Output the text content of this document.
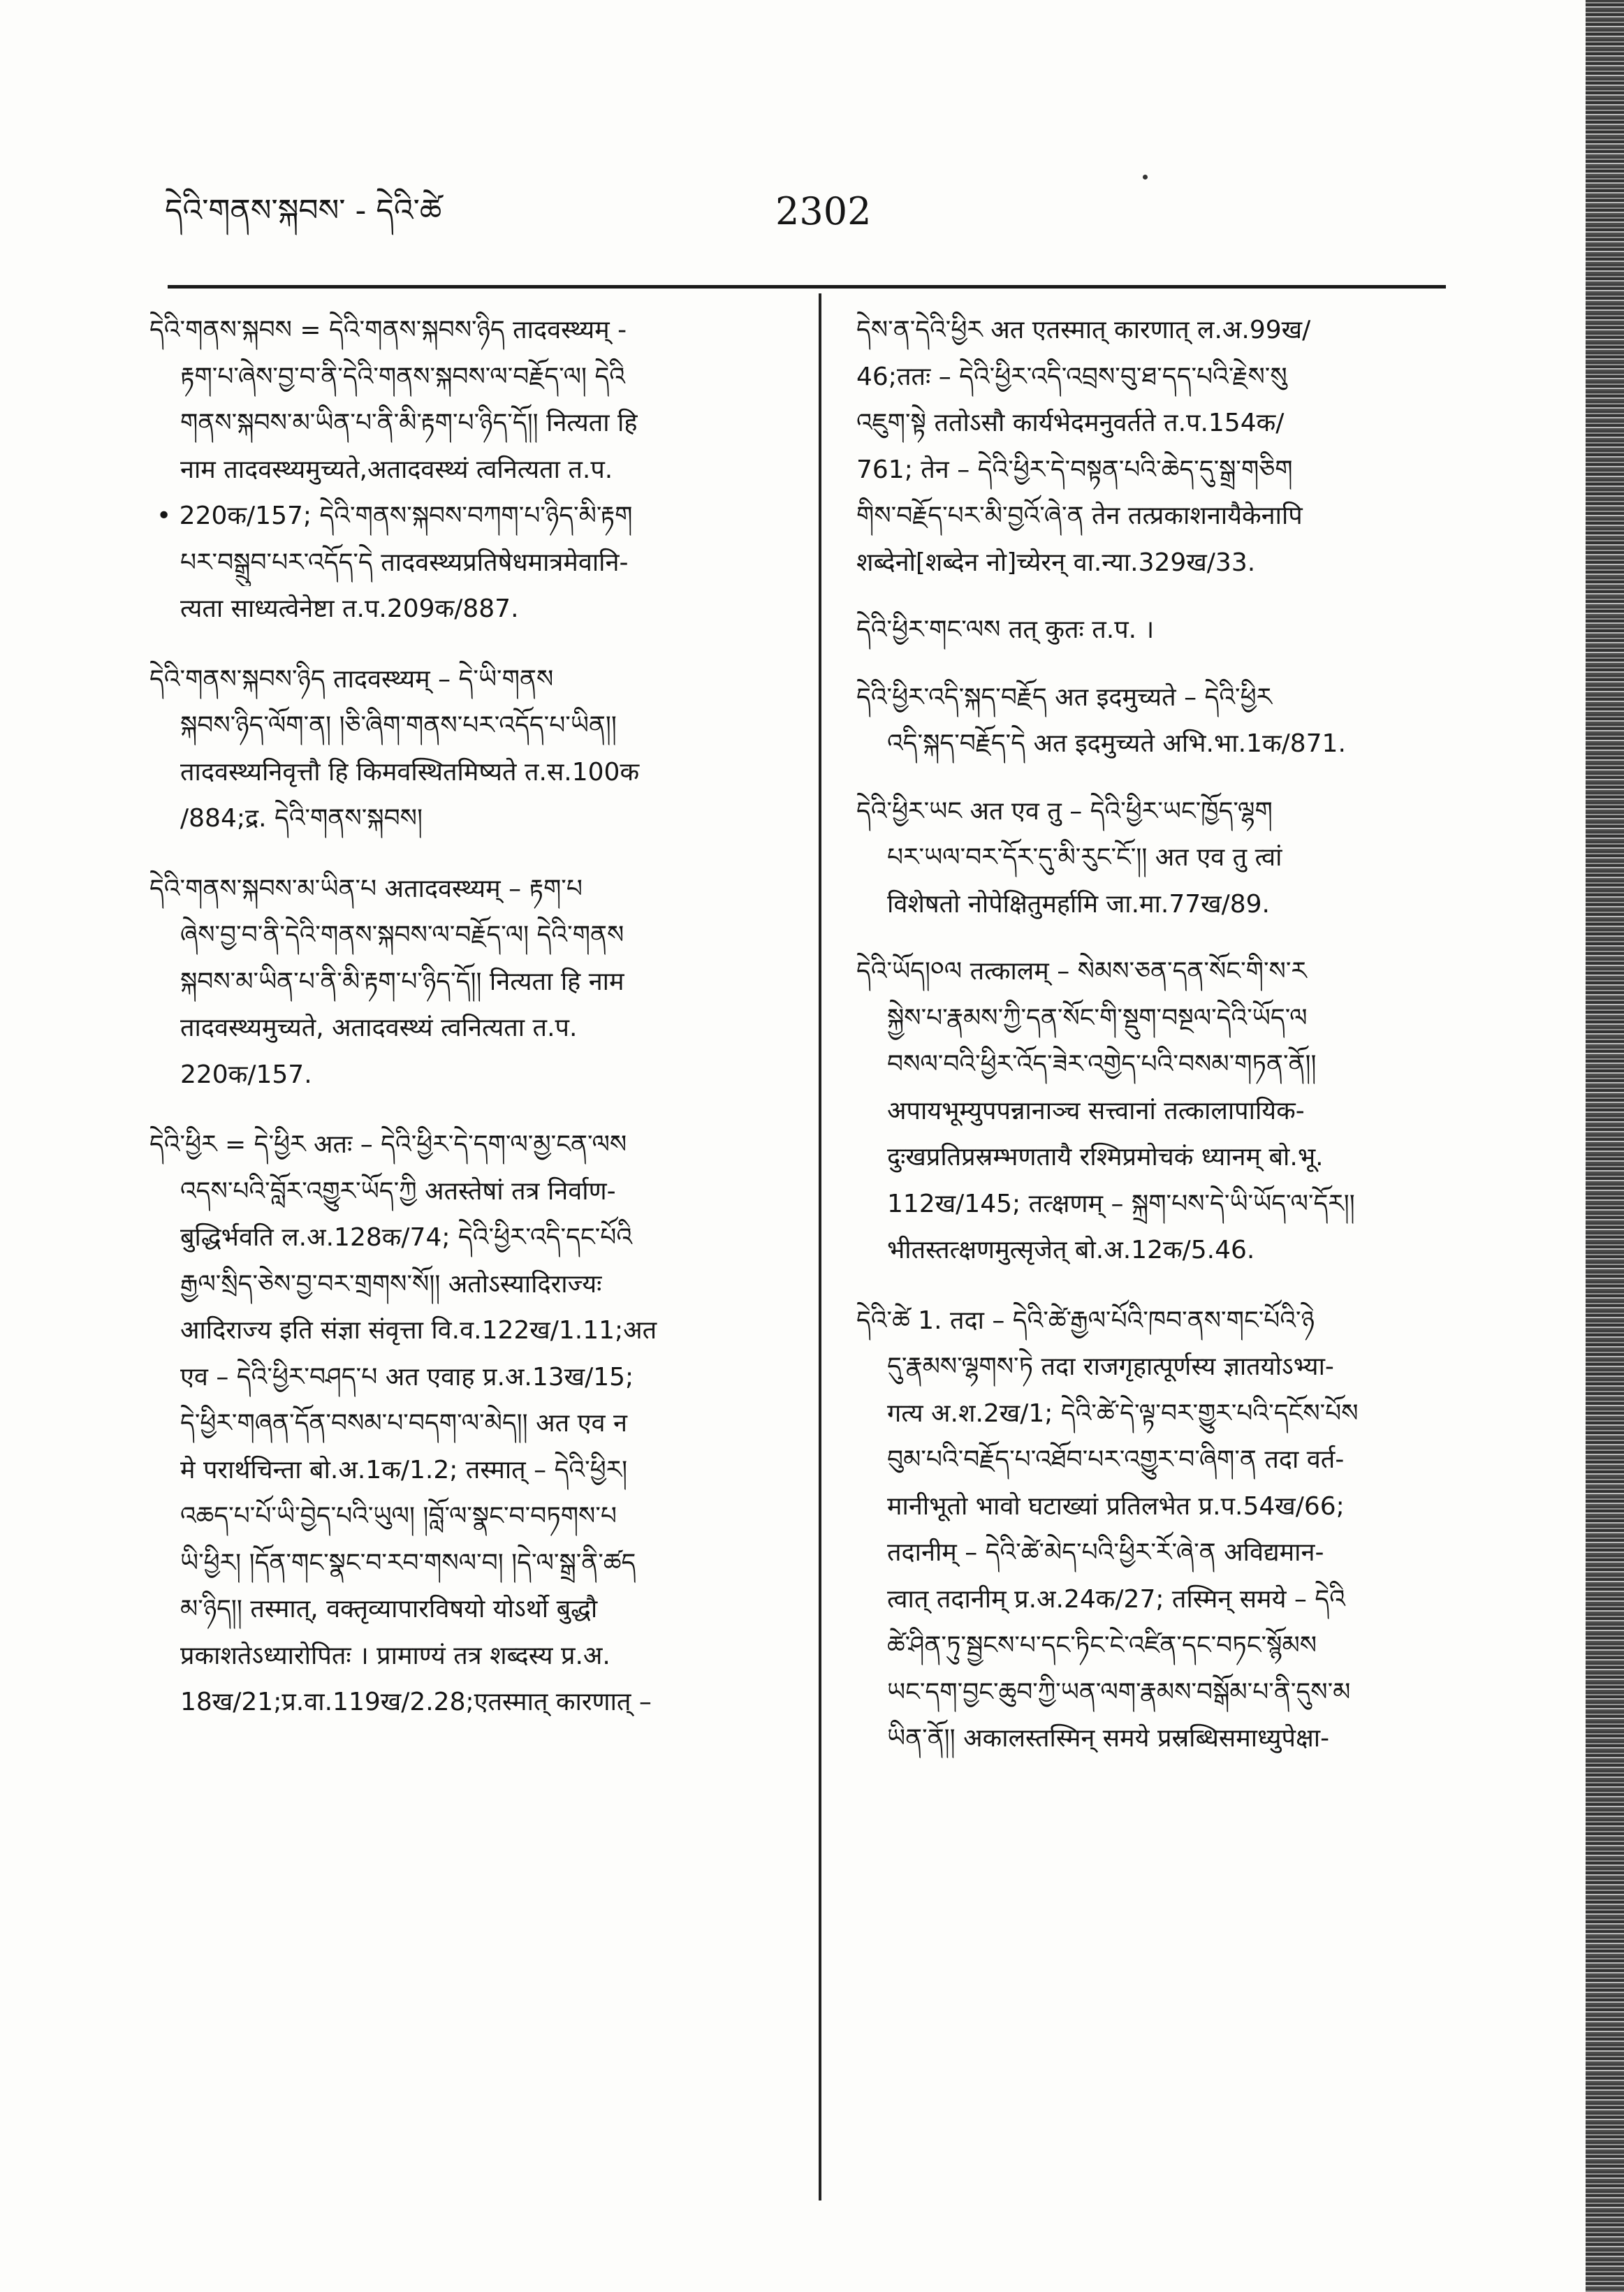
དེའི་གནས་སྐབས་ - དེའི་ཚེ	2302
དེའི་གནས་སྐབས = དེའི་གནས་སྐབས་ཉིད तादवस्थ्यम् -
རྟག་པ་ཞེས་བྱ་བ་ནི་དེའི་གནས་སྐབས་ལ་བརྗོད་ལ། དེའི
གནས་སྐབས་མ་ཡིན་པ་ནི་མི་རྟག་པ་ཉིད་དོ།། नित्यता हि
नाम तादवस्थ्यमुच्यते,अतादवस्थ्यं त्वनित्यता त.प.
• 220क/157; དེའི་གནས་སྐབས་བཀག་པ་ཉིད་མི་རྟག
པར་བསྒྲུབ་པར་འདོད་དེ तादवस्थ्यप्रतिषेधमात्रमेवानि-
त्यता साध्यत्वेनेष्टा त.प.209क/887.
དེའི་གནས་སྐབས་ཉིད तादवस्थ्यम् – དེ་ཡི་གནས
སྐབས་ཉིད་ལོག་ན། །ཅི་ཞིག་གནས་པར་འདོད་པ་ཡིན།།
तादवस्थ्यनिवृत्तौ हि किमवस्थितमिष्यते त.स.100क
/884;द्र. དེའི་གནས་སྐབས།
དེའི་གནས་སྐབས་མ་ཡིན་པ अतादवस्थ्यम् – རྟག་པ
ཞེས་བྱ་བ་ནི་དེའི་གནས་སྐབས་ལ་བརྗོད་ལ། དེའི་གནས
སྐབས་མ་ཡིན་པ་ནི་མི་རྟག་པ་ཉིད་དོ།། नित्यता हि नाम
तादवस्थ्यमुच्यते, अतादवस्थ्यं त्वनित्यता त.प.
220क/157.
དེའི་ཕྱིར = དེ་ཕྱིར अतः – དེའི་ཕྱིར་དེ་དག་ལ་མྱ་ངན་ལས
འདས་པའི་བློར་འགྱུར་ཡོད་ཀྱི अतस्तेषां तत्र निर्वाण-
बुद्धिर्भवति ल.अ.128क/74; དེའི་ཕྱིར་འདི་དང་པོའི
རྒྱལ་སྲིད་ཅེས་བྱ་བར་གྲགས་སོ།། अतोऽस्यादिराज्यः
आदिराज्य इति संज्ञा संवृत्ता वि.व.122ख/1.11;अत
एव – དེའི་ཕྱིར་བཤད་པ अत एवाह प्र.अ.13ख/15;
དེ་ཕྱིར་གཞན་དོན་བསམ་པ་བདག་ལ་མེད།། अत एव न
मे परार्थचिन्ता बो.अ.1क/1.2; तस्मात् – དེའི་ཕྱིར།
འཆད་པ་པོ་ཡི་བྱེད་པའི་ཡུལ། །བློ་ལ་སྣང་བ་བཏགས་པ
ཡི་ཕྱིར། །དོན་གང་སྣང་བ་རབ་གསལ་བ། །དེ་ལ་སྒྲ་ནི་ཚད
མ་ཉིད།། तस्मात्, वक्तृव्यापारविषयो योऽर्थो बुद्धौ
प्रकाशतेऽध्यारोपितः । प्रामाण्यं तत्र शब्दस्य प्र.अ.
18ख/21;प्र.वा.119ख/2.28;एतस्मात् कारणात् –
དེས་ན་དེའི་ཕྱིར अत एतस्मात् कारणात् ल.अ.99ख/
46;ततः – དེའི་ཕྱིར་འདི་འབྲས་བུ་ཐ་དད་པའི་རྗེས་སུ
འཇུག་སྟེ ततोऽसौ कार्यभेदमनुवर्तते त.प.154क/
761; तेन – དེའི་ཕྱིར་དེ་བསྟན་པའི་ཆེད་དུ་སྒྲ་གཅིག
གིས་བརྗོད་པར་མི་བྱའོ་ཞེ་ན तेन तत्प्रकाशनायैकेनापि
शब्देनो[शब्देन नो]च्येरन् वा.न्या.329ख/33.
དེའི་ཕྱིར་གང་ལས तत् कुतः त.प. ।
དེའི་ཕྱིར་འདི་སྐད་བརྗོད अत इदमुच्यते – དེའི་ཕྱིར
འདི་སྐད་བརྗོད་དེ अत इदमुच्यते अभि.भा.1क/871.
དེའི་ཕྱིར་ཡང अत एव तु – དེའི་ཕྱིར་ཡང་ཁྱོད་ལྷག
པར་ཡལ་བར་དོར་དུ་མི་རུང་ངོ་།། अत एव तु त्वां
विशेषतो नोपेक्षितुमर्हामि जा.मा.77ख/89.
དེའི་ཡོད།༠ལ तत्कालम् – སེམས་ཅན་དན་སོང་གི་ས་ར
སྐྱེས་པ་རྣམས་ཀྱི་དན་སོང་གི་སྡུག་བསྔལ་དེའི་ཡོད་ལ
བསལ་བའི་ཕྱིར་འོད་ཟེར་འགྱེད་པའི་བསམ་གཏན་ནོ།།
अपायभूम्युपपन्नानाञ्च सत्त्वानां तत्कालापायिक-
दुःखप्रतिप्रस्रम्भणतायै रश्मिप्रमोचकं ध्यानम् बो.भू.
112ख/145; तत्क्षणम् – སྐྲག་པས་དེ་ཡི་ཡོད་ལ་དོར།།
भीतस्तत्क्षणमुत्सृजेत् बो.अ.12क/5.46.
དེའི་ཚེ 1. तदा – དེའི་ཚེ་རྒྱལ་པོའི་ཁབ་ནས་གང་པོའི་ཉེ
དུ་རྣམས་ལྷགས་ཏེ तदा राजगृहात्पूर्णस्य ज्ञातयोऽभ्या-
गत्य अ.श.2ख/1; དེའི་ཚེ་དེ་ལྟ་བར་གྱུར་པའི་དངོས་པོས
བུམ་པའི་བརྗོད་པ་འཐོབ་པར་འགྱུར་བ་ཞིག་ན तदा वर्त-
मानीभूतो भावो घटाख्यां प्रतिलभेत प्र.प.54ख/66;
तदानीम् – དེའི་ཚེ་མེད་པའི་ཕྱིར་རོ་ཞེ་ན अविद्यमान-
त्वात् तदानीम् प्र.अ.24क/27; तस्मिन् समये – དེའི
ཚེ་ཤིན་ཏུ་སྦྱངས་པ་དང་ཏིང་ངེ་འཛིན་དང་བཏང་སྙོམས
ཡང་དག་བྱང་ཆུབ་ཀྱི་ཡན་ལག་རྣམས་བསྒོམ་པ་ནི་དུས་མ
ཡིན་ནོ།། अकालस्तस्मिन् समये प्रस्रब्धिसमाध्युपेक्षा-
